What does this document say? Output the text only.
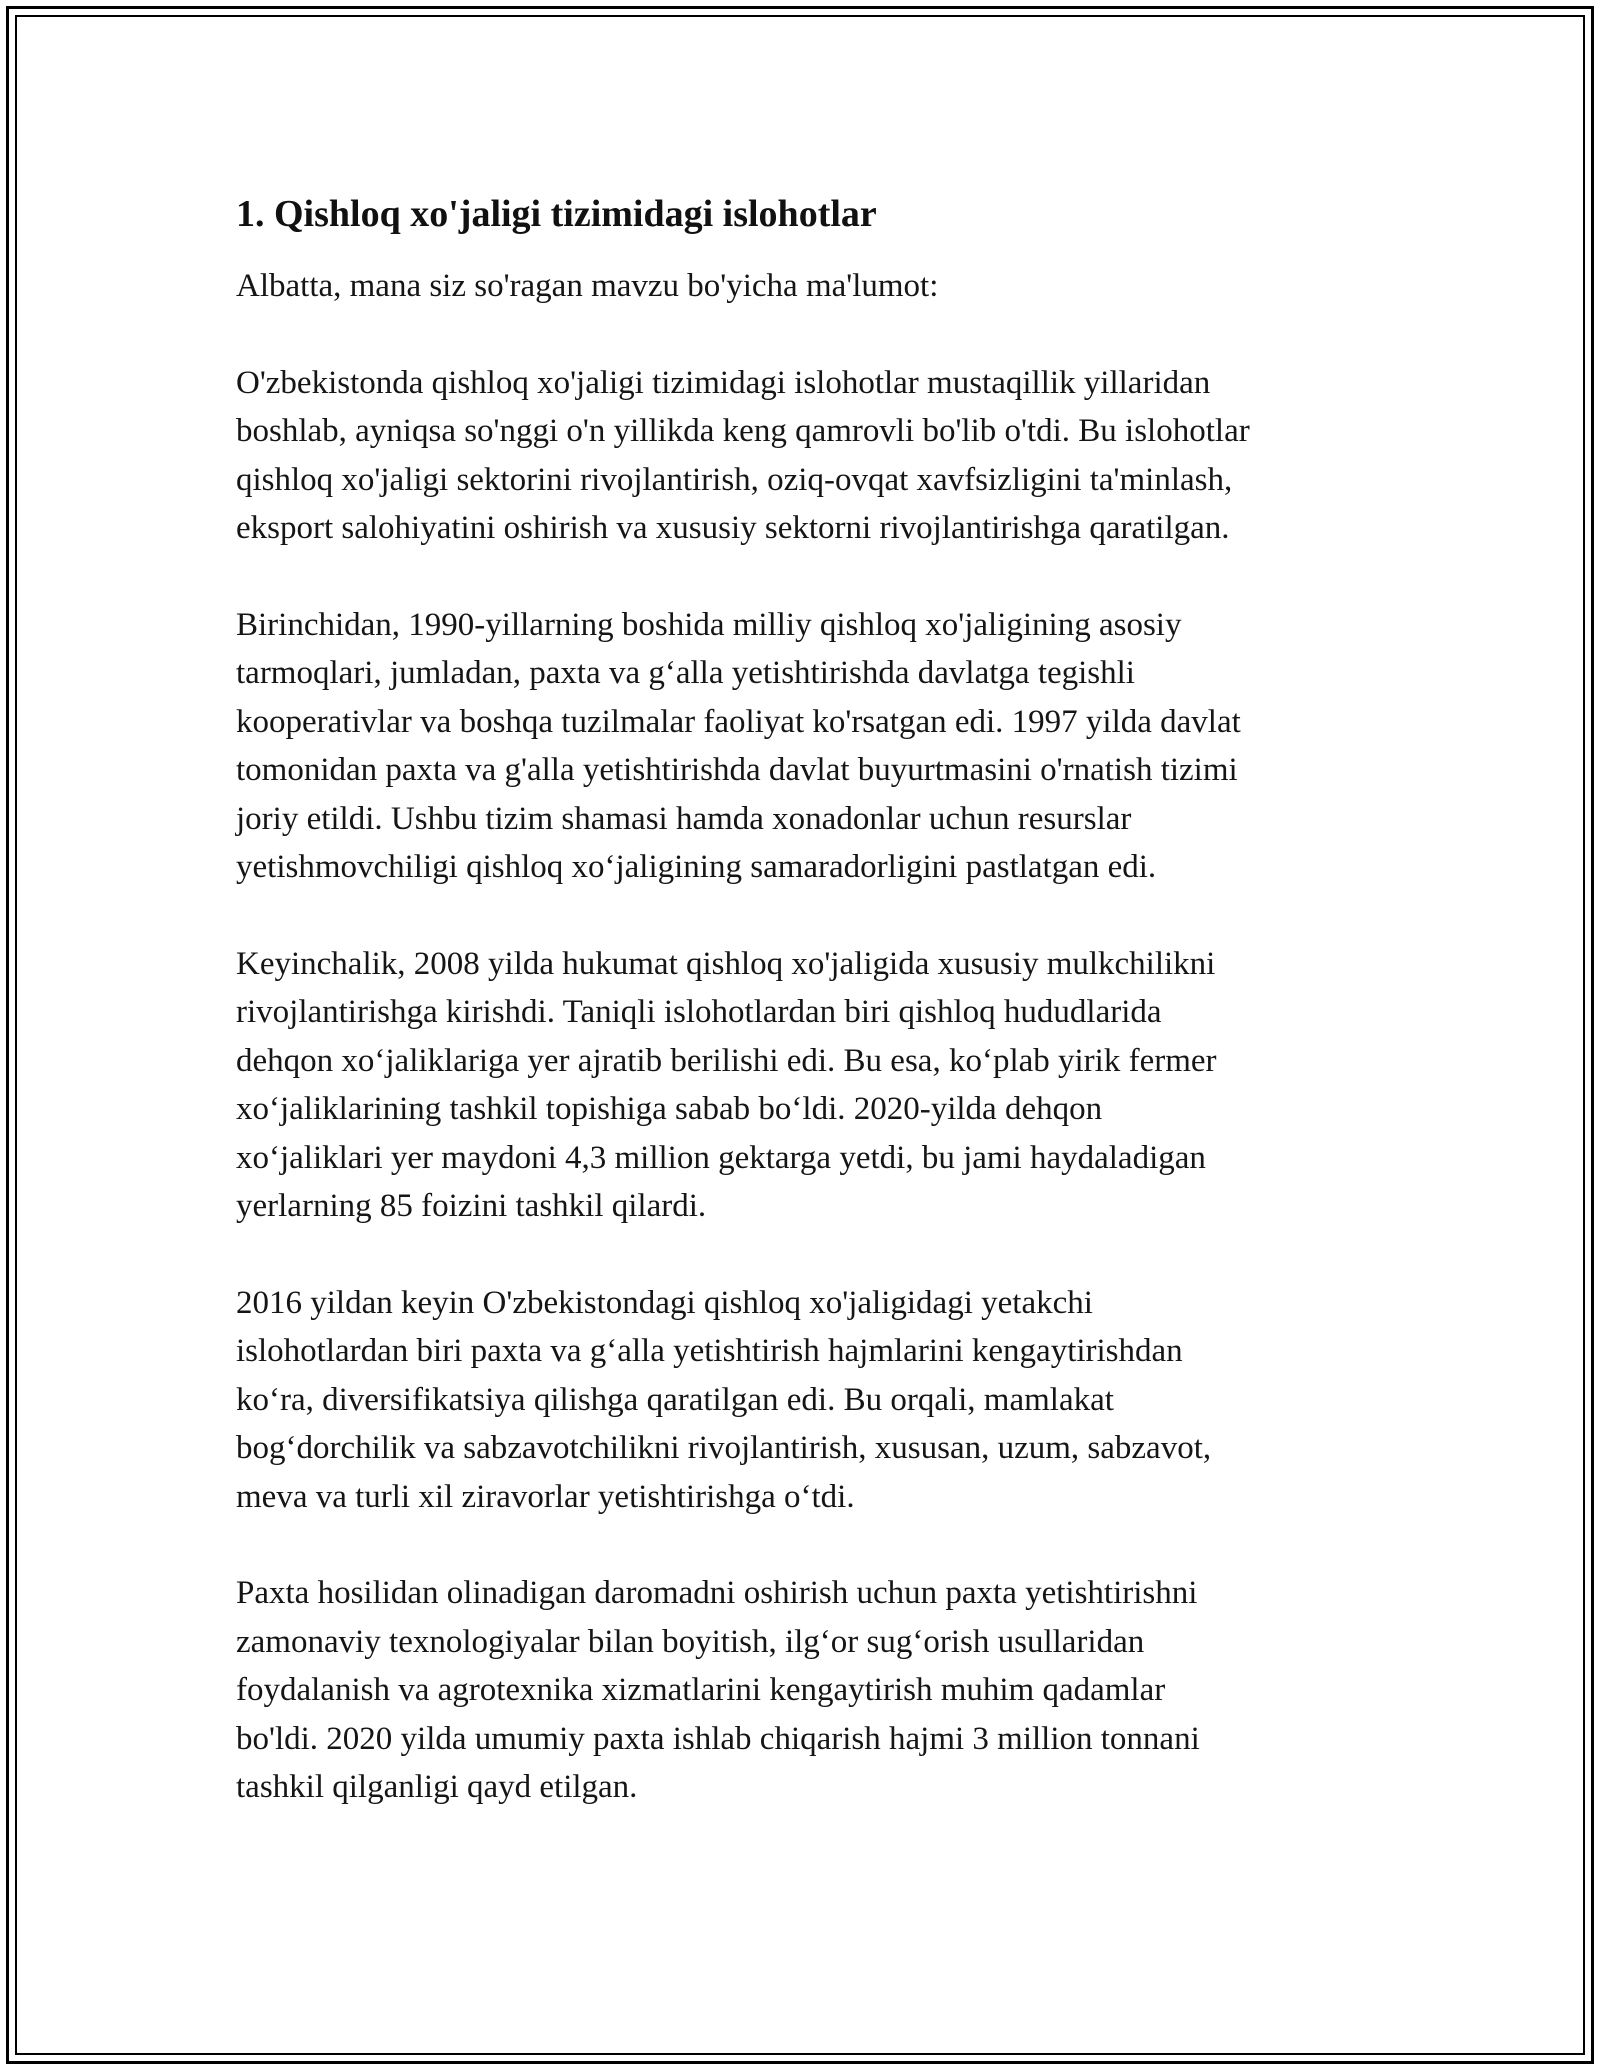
1. Qishloq xo'jaligi tizimidagi islohotlar

Albatta, mana siz so'ragan mavzu bo'yicha ma'lumot:

O'zbekistonda qishloq xo'jaligi tizimidagi islohotlar mustaqillik yillaridan
boshlab, ayniqsa so'nggi o'n yillikda keng qamrovli bo'lib o'tdi. Bu islohotlar
qishloq xo'jaligi sektorini rivojlantirish, oziq-ovqat xavfsizligini ta'minlash,
eksport salohiyatini oshirish va xususiy sektorni rivojlantirishga qaratilgan.

Birinchidan, 1990-yillarning boshida milliy qishloq xo'jaligining asosiy
tarmoqlari, jumladan, paxta va g‘alla yetishtirishda davlatga tegishli
kooperativlar va boshqa tuzilmalar faoliyat ko'rsatgan edi. 1997 yilda davlat
tomonidan paxta va g'alla yetishtirishda davlat buyurtmasini o'rnatish tizimi
joriy etildi. Ushbu tizim shamasi hamda xonadonlar uchun resurslar
yetishmovchiligi qishloq xo‘jaligining samaradorligini pastlatgan edi.

Keyinchalik, 2008 yilda hukumat qishloq xo'jaligida xususiy mulkchilikni
rivojlantirishga kirishdi. Taniqli islohotlardan biri qishloq hududlarida
dehqon xo‘jaliklariga yer ajratib berilishi edi. Bu esa, ko‘plab yirik fermer
xo‘jaliklarining tashkil topishiga sabab bo‘ldi. 2020-yilda dehqon
xo‘jaliklari yer maydoni 4,3 million gektarga yetdi, bu jami haydaladigan
yerlarning 85 foizini tashkil qilardi.

2016 yildan keyin O'zbekistondagi qishloq xo'jaligidagi yetakchi
islohotlardan biri paxta va g‘alla yetishtirish hajmlarini kengaytirishdan
ko‘ra, diversifikatsiya qilishga qaratilgan edi. Bu orqali, mamlakat
bog‘dorchilik va sabzavotchilikni rivojlantirish, xususan, uzum, sabzavot,
meva va turli xil ziravorlar yetishtirishga o‘tdi.

Paxta hosilidan olinadigan daromadni oshirish uchun paxta yetishtirishni
zamonaviy texnologiyalar bilan boyitish, ilg‘or sug‘orish usullaridan
foydalanish va agrotexnika xizmatlarini kengaytirish muhim qadamlar
bo'ldi. 2020 yilda umumiy paxta ishlab chiqarish hajmi 3 million tonnani
tashkil qilganligi qayd etilgan.
